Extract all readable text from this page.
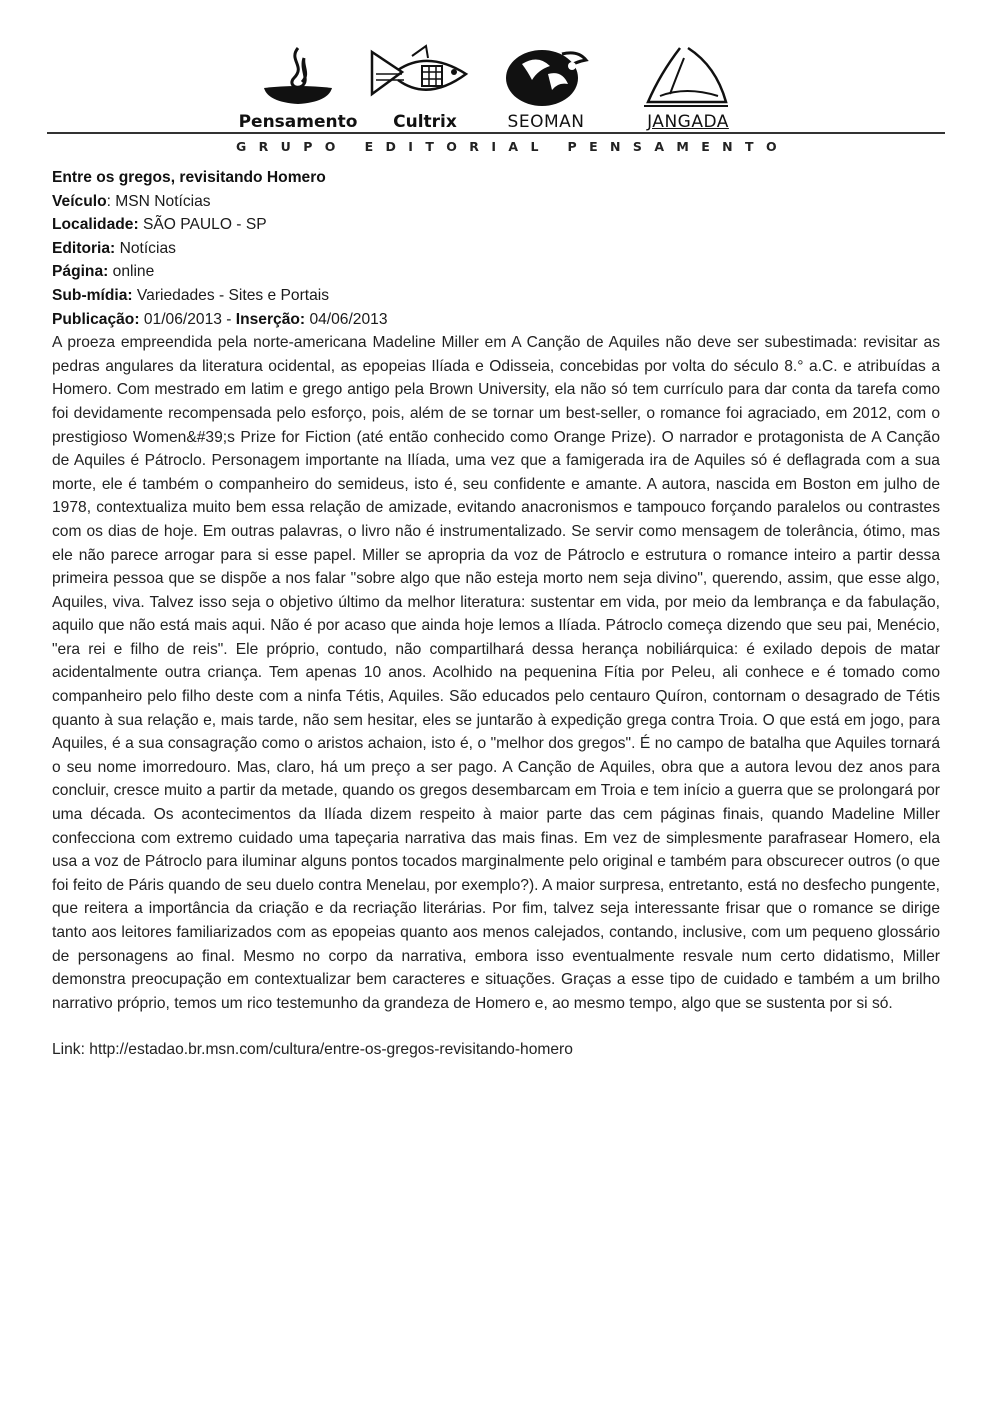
Pensamento	Cultrix	SEOMAN	JANGADA
GRUPO EDITORIAL PENSAMENTO

Entre os gregos, revisitando Homero

Veículo: MSN Notícias

Localidade: SÃO PAULO - SP

Editoria: Notícias

Página: online

Sub-mídia: Variedades - Sites e Portais

Publicação: 01/06/2013 - Inserção: 04/06/2013

A proeza empreendida pela norte-americana Madeline Miller em A Canção de Aquiles não deve ser subestimada: revisitar as pedras angulares da literatura ocidental, as epopeias Ilíada e Odisseia, concebidas por volta do século 8.° a.C. e atribuídas a Homero. Com mestrado em latim e grego antigo pela Brown University, ela não só tem currículo para dar conta da tarefa como foi devidamente recompensada pelo esforço, pois, além de se tornar um best-seller, o romance foi agraciado, em 2012, com o prestigioso Women&#39;s Prize for Fiction (até então conhecido como Orange Prize). O narrador e protagonista de A Canção de Aquiles é Pátroclo. Personagem importante na Ilíada, uma vez que a famigerada ira de Aquiles só é deflagrada com a sua morte, ele é também o companheiro do semideus, isto é, seu confidente e amante. A autora, nascida em Boston em julho de 1978, contextualiza muito bem essa relação de amizade, evitando anacronismos e tampouco forçando paralelos ou contrastes com os dias de hoje. Em outras palavras, o livro não é instrumentalizado. Se servir como mensagem de tolerância, ótimo, mas ele não parece arrogar para si esse papel. Miller se apropria da voz de Pátroclo e estrutura o romance inteiro a partir dessa primeira pessoa que se dispõe a nos falar "sobre algo que não esteja morto nem seja divino", querendo, assim, que esse algo, Aquiles, viva. Talvez isso seja o objetivo último da melhor literatura: sustentar em vida, por meio da lembrança e da fabulação, aquilo que não está mais aqui. Não é por acaso que ainda hoje lemos a Ilíada. Pátroclo começa dizendo que seu pai, Menécio, "era rei e filho de reis". Ele próprio, contudo, não compartilhará dessa herança nobiliárquica: é exilado depois de matar acidentalmente outra criança. Tem apenas 10 anos. Acolhido na pequenina Fítia por Peleu, ali conhece e é tomado como companheiro pelo filho deste com a ninfa Tétis, Aquiles. São educados pelo centauro Quíron, contornam o desagrado de Tétis quanto à sua relação e, mais tarde, não sem hesitar, eles se juntarão à expedição grega contra Troia. O que está em jogo, para Aquiles, é a sua consagração como o aristos achaion, isto é, o "melhor dos gregos". É no campo de batalha que Aquiles tornará o seu nome imorredouro. Mas, claro, há um preço a ser pago. A Canção de Aquiles, obra que a autora levou dez anos para concluir, cresce muito a partir da metade, quando os gregos desembarcam em Troia e tem início a guerra que se prolongará por uma década. Os acontecimentos da Ilíada dizem respeito à maior parte das cem páginas finais, quando Madeline Miller confecciona com extremo cuidado uma tapeçaria narrativa das mais finas. Em vez de simplesmente parafrasear Homero, ela usa a voz de Pátroclo para iluminar alguns pontos tocados marginalmente pelo original e também para obscurecer outros (o que foi feito de Páris quando de seu duelo contra Menelau, por exemplo?). A maior surpresa, entretanto, está no desfecho pungente, que reitera a importância da criação e da recriação literárias. Por fim, talvez seja interessante frisar que o romance se dirige tanto aos leitores familiarizados com as epopeias quanto aos menos calejados, contando, inclusive, com um pequeno glossário de personagens ao final. Mesmo no corpo da narrativa, embora isso eventualmente resvale num certo didatismo, Miller demonstra preocupação em contextualizar bem caracteres e situações. Graças a esse tipo de cuidado e também a um brilho narrativo próprio, temos um rico testemunho da grandeza de Homero e, ao mesmo tempo, algo que se sustenta por si só.

Link: http://estadao.br.msn.com/cultura/entre-os-gregos-revisitando-homero
